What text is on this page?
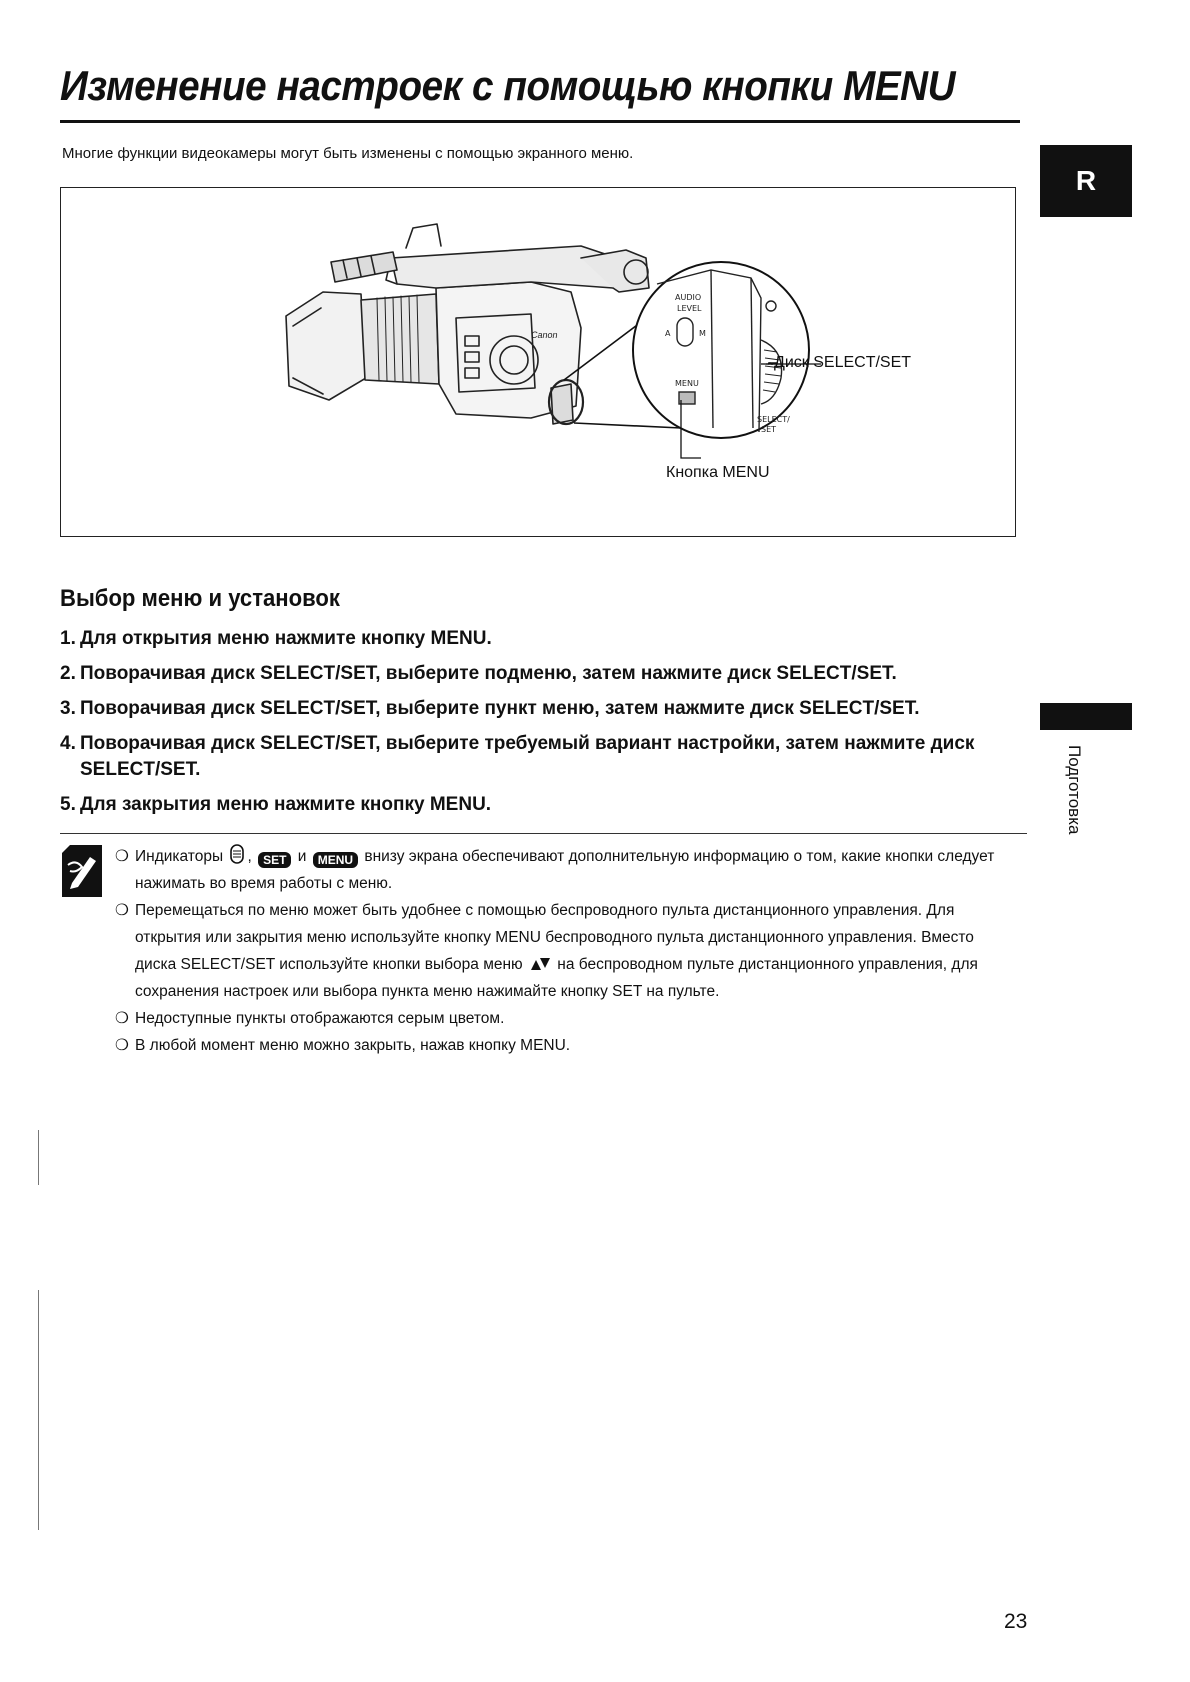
Изменение настроек с помощью кнопки MENU
Многие функции видеокамеры могут быть изменены с помощью экранного меню.
R
Подготовка
Canon
AUDIO
LEVEL
A	M
MENU
SELECT/
SET
Диск SELECT/SET
Кнопка MENU
Выбор меню и установок
1. Для открытия меню нажмите кнопку MENU.
2. Поворачивая диск SELECT/SET, выберите подменю, затем нажмите диск SELECT/SET.
3. Поворачивая диск SELECT/SET, выберите пункт меню, затем нажмите диск SELECT/SET.
4. Поворачивая диск SELECT/SET, выберите требуемый вариант настройки, затем нажмите диск SELECT/SET.
5. Для закрытия меню нажмите кнопку MENU.
❍ Индикаторы , SET и MENU внизу экрана обеспечивают дополнительную информацию о том, какие кнопки следует нажимать во время работы с меню.
❍ Перемещаться по меню может быть удобнее с помощью беспроводного пульта дистанционного управления. Для открытия или закрытия меню используйте кнопку MENU беспроводного пульта дистанционного управления. Вместо диска SELECT/SET используйте кнопки выбора меню на беспроводном пульте дистанционного управления, для сохранения настроек или выбора пункта меню нажимайте кнопку SET на пульте.
❍ Недоступные пункты отображаются серым цветом.
❍ В любой момент меню можно закрыть, нажав кнопку MENU.
23
